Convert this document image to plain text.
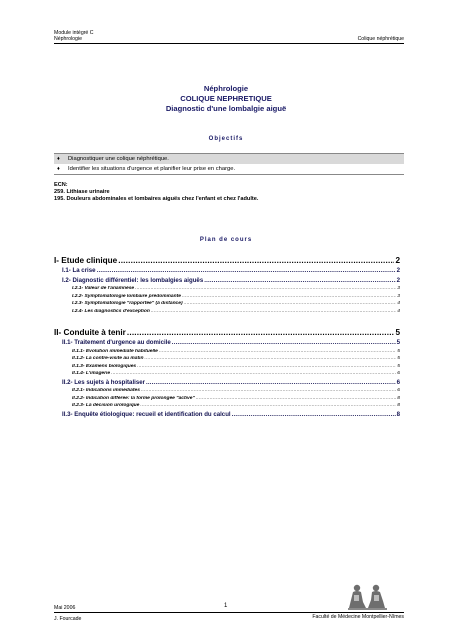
Module intégré C
Néphrologie	Colique néphrétique
Néphrologie
COLIQUE NEPHRETIQUE
Diagnostic d'une lombalgie aiguë
Objectifs
♦ Diagnostiquer une colique néphrétique.
♦ Identifier les situations d'urgence et planifier leur prise en charge.
ECN:
259. Lithiase urinaire
195. Douleurs abdominales et lombaires aiguës chez l'enfant et chez l'adulte.
Plan de cours
I- Etude clinique .....	2
I.1- La crise .....	2
I.2- Diagnostic différentiel: les lombalgies aiguës .....	2
I.2.1- Valeur de l'anamnèse .....	3
I.2.2- Symptomatologie lombaire prédominante .....	3
I.2.3- Symptomatologie "rapportée" (à distance) .....	4
I.2.4- Les diagnostics d'exception .....	4
II- Conduite à tenir .....	5
II.1- Traitement d'urgence au domicile .....	5
II.1.1- Evolution immédiate habituelle .....	5
II.1.2- La contre-visite au matin .....	5
II.1.3- Examens biologiques .....	5
II.1.4- L'imagerie .....	6
II.2- Les sujets à hospitaliser .....	6
II.2.1- Indications immédiates .....	6
II.2.2- Indication différée: la forme prolongée "active" .....	8
II.2.3- La décision urologique .....	8
II.3- Enquête étiologique: recueil et identification du calcul .....	8
Mai 2006	1
J. Fourcade	Faculté de Médecine Montpellier-Nîmes
